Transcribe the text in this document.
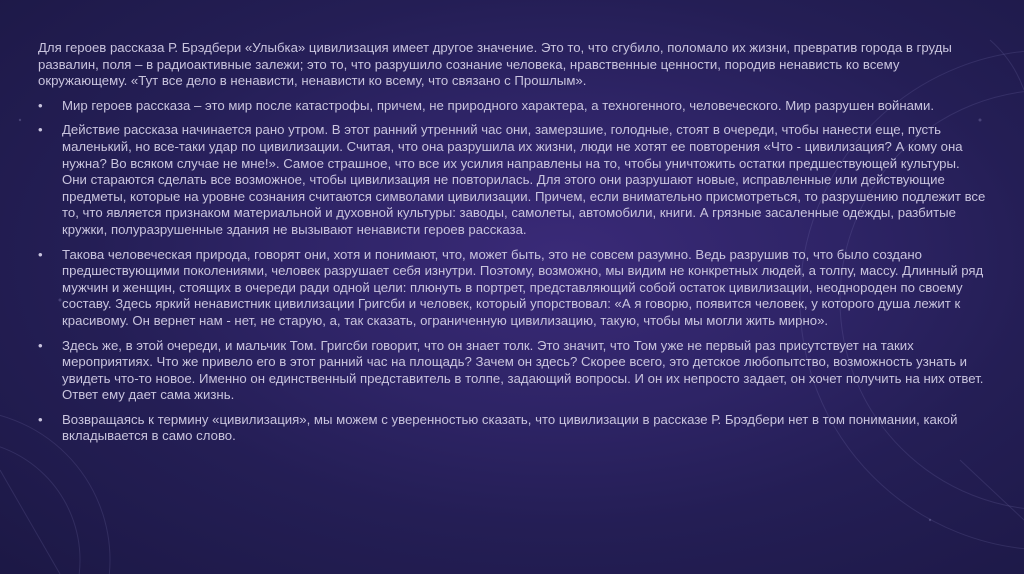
Для героев рассказа Р. Брэдбери «Улыбка» цивилизация имеет другое значение. Это то, что сгубило, поломало их жизни, превратив города в груды развалин, поля – в радиоактивные залежи; это то, что разрушило сознание человека, нравственные ценности, породив ненависть ко всему окружающему. «Тут все дело в ненависти, ненависти ко всему, что связано с Прошлым».

• Мир героев рассказа – это мир после катастрофы, причем, не природного характера, а техногенного, человеческого. Мир разрушен войнами.
• Действие рассказа начинается рано утром. В этот ранний утренний час они, замерзшие, голодные, стоят в очереди, чтобы нанести еще, пусть маленький, но все-таки удар по цивилизации. Считая, что она разрушила их жизни, люди не хотят ее повторения «Что - цивилизация? А кому она нужна? Во всяком случае не мне!». Самое страшное, что все их усилия направлены на то, чтобы уничтожить остатки предшествующей культуры. Они стараются сделать все возможное, чтобы цивилизация не повторилась. Для этого они разрушают новые, исправленные или действующие предметы, которые на уровне сознания считаются символами цивилизации. Причем, если внимательно присмотреться, то разрушению подлежит все то, что является признаком материальной и духовной культуры: заводы, самолеты, автомобили, книги. А грязные засаленные одежды, разбитые кружки, полуразрушенные здания не вызывают ненависти героев рассказа.
• Такова человеческая природа, говорят они, хотя и понимают, что, может быть, это не совсем разумно. Ведь разрушив то, что было создано предшествующими поколениями, человек разрушает себя изнутри. Поэтому, возможно, мы видим не конкретных людей, а толпу, массу. Длинный ряд мужчин и женщин, стоящих в очереди ради одной цели: плюнуть в портрет, представляющий собой остаток цивилизации, неоднороден по своему составу. Здесь яркий ненавистник цивилизации Григсби и человек, который упорствовал: «А я говорю, появится человек, у которого душа лежит к красивому. Он вернет нам - нет, не старую, а, так сказать, ограниченную цивилизацию, такую, чтобы мы могли жить мирно».
• Здесь же, в этой очереди, и мальчик Том. Григсби говорит, что он знает толк. Это значит, что Том уже не первый раз присутствует на таких мероприятиях. Что же привело его в этот ранний час на площадь? Зачем он здесь? Скорее всего, это детское любопытство, возможность узнать и увидеть что-то новое. Именно он единственный представитель в толпе, задающий вопросы. И он их непросто задает, он хочет получить на них ответ. Ответ ему дает сама жизнь.
• Возвращаясь к термину «цивилизация», мы можем с уверенностью сказать, что цивилизации в рассказе Р. Брэдбери нет в том понимании, какой вкладывается в само слово.
